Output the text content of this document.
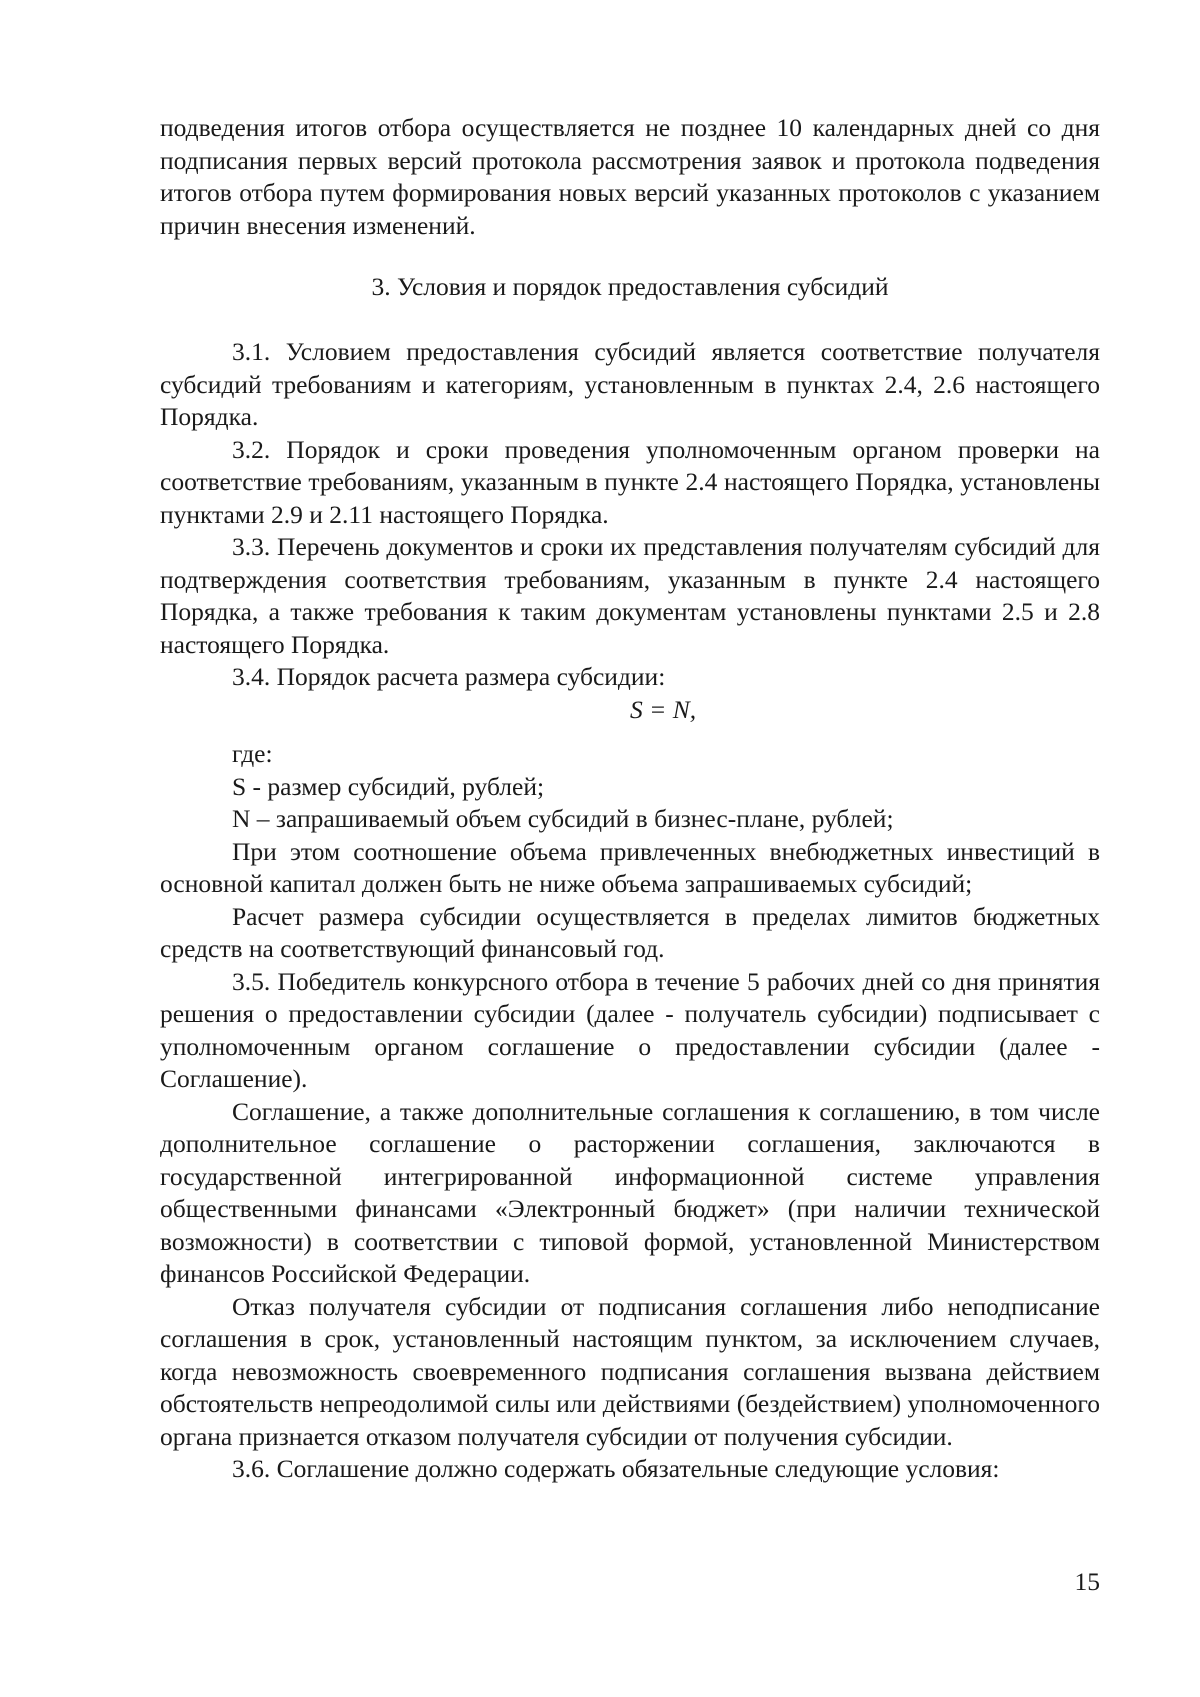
подведения итогов отбора осуществляется не позднее 10 календарных дней со дня подписания первых версий протокола рассмотрения заявок и протокола подведения итогов отбора путем формирования новых версий указанных протоколов с указанием причин внесения изменений.

3. Условия и порядок предоставления субсидий

3.1. Условием предоставления субсидий является соответствие получателя субсидий требованиям и категориям, установленным в пунктах 2.4, 2.6 настоящего Порядка.

3.2. Порядок и сроки проведения уполномоченным органом проверки на соответствие требованиям, указанным в пункте 2.4 настоящего Порядка, установлены пунктами 2.9 и 2.11 настоящего Порядка.

3.3. Перечень документов и сроки их представления получателям субсидий для подтверждения соответствия требованиям, указанным в пункте 2.4 настоящего Порядка, а также требования к таким документам установлены пунктами 2.5 и 2.8 настоящего Порядка.

3.4. Порядок расчета размера субсидии:

S = N,

где:

S - размер субсидий, рублей;

N – запрашиваемый объем субсидий в бизнес-плане, рублей;

При этом соотношение объема привлеченных внебюджетных инвестиций в основной капитал должен быть не ниже объема запрашиваемых субсидий;

Расчет размера субсидии осуществляется в пределах лимитов бюджетных средств на соответствующий финансовый год.

3.5. Победитель конкурсного отбора в течение 5 рабочих дней со дня принятия решения о предоставлении субсидии (далее - получатель субсидии) подписывает с уполномоченным органом соглашение о предоставлении субсидии (далее - Соглашение).

Соглашение, а также дополнительные соглашения к соглашению, в том числе дополнительное соглашение о расторжении соглашения, заключаются в государственной интегрированной информационной системе управления общественными финансами «Электронный бюджет» (при наличии технической возможности) в соответствии с типовой формой, установленной Министерством финансов Российской Федерации.

Отказ получателя субсидии от подписания соглашения либо неподписание соглашения в срок, установленный настоящим пунктом, за исключением случаев, когда невозможность своевременного подписания соглашения вызвана действием обстоятельств непреодолимой силы или действиями (бездействием) уполномоченного органа признается отказом получателя субсидии от получения субсидии.

3.6. Соглашение должно содержать обязательные следующие условия:

15
